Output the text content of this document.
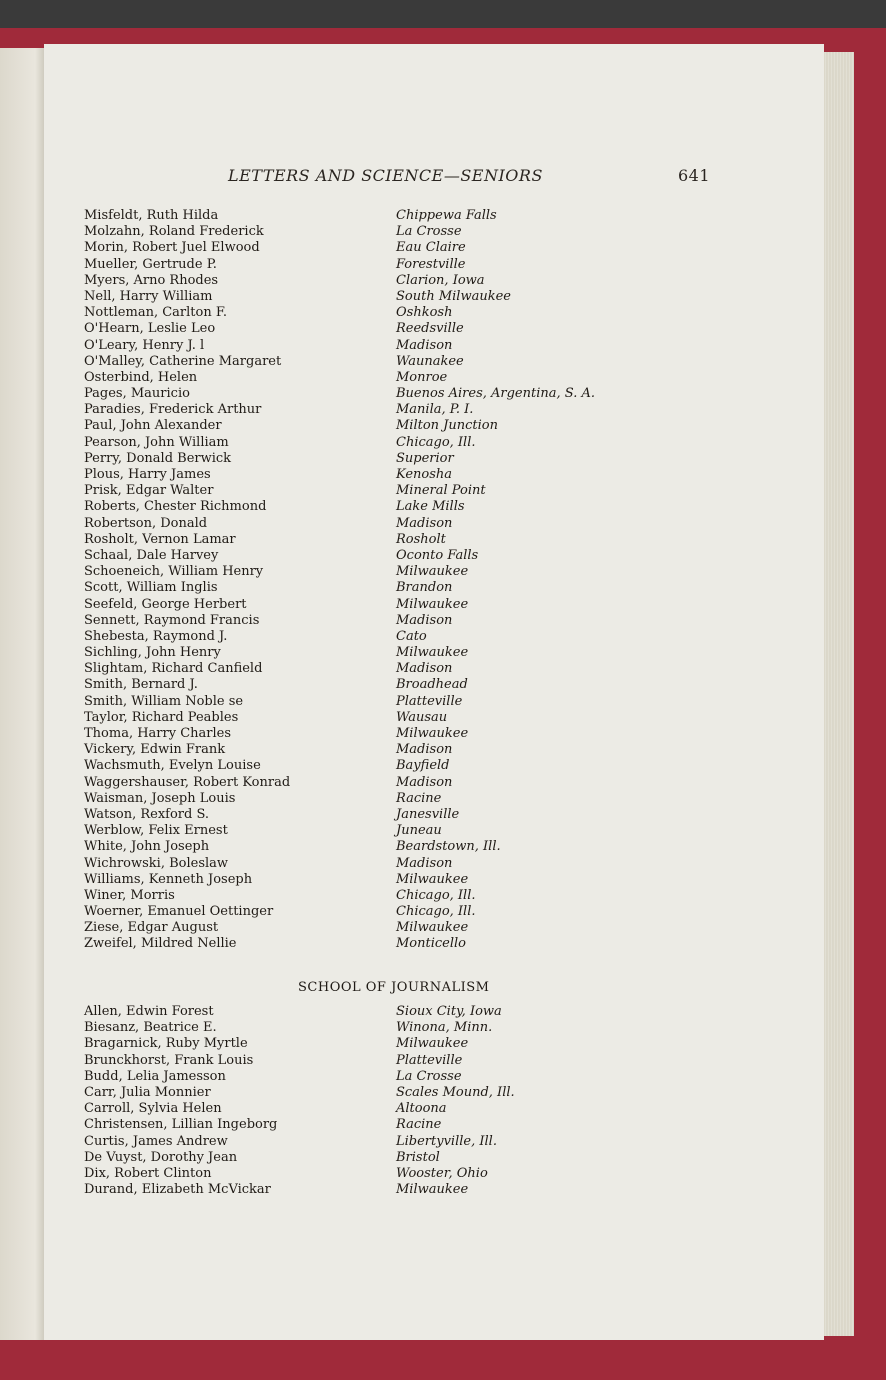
LETTERS AND SCIENCE—SENIORS	641
Misfeldt, Ruth Hilda	Chippewa Falls
Molzahn, Roland Frederick	La Crosse
Morin, Robert Juel Elwood	Eau Claire
Mueller, Gertrude P.	Forestville
Myers, Arno Rhodes	Clarion, Iowa
Nell, Harry William	South Milwaukee
Nottleman, Carlton F.	Oshkosh
O'Hearn, Leslie Leo	Reedsville
O'Leary, Henry J. l	Madison
O'Malley, Catherine Margaret	Waunakee
Osterbind, Helen	Monroe
Pages, Mauricio	Buenos Aires, Argentina, S. A.
Paradies, Frederick Arthur	Manila, P. I.
Paul, John Alexander	Milton Junction
Pearson, John William	Chicago, Ill.
Perry, Donald Berwick	Superior
Plous, Harry James	Kenosha
Prisk, Edgar Walter	Mineral Point
Roberts, Chester Richmond	Lake Mills
Robertson, Donald	Madison
Rosholt, Vernon Lamar	Rosholt
Schaal, Dale Harvey	Oconto Falls
Schoeneich, William Henry	Milwaukee
Scott, William Inglis	Brandon
Seefeld, George Herbert	Milwaukee
Sennett, Raymond Francis	Madison
Shebesta, Raymond J.	Cato
Sichling, John Henry	Milwaukee
Slightam, Richard Canfield	Madison
Smith, Bernard J.	Broadhead
Smith, William Noble se	Platteville
Taylor, Richard Peables	Wausau
Thoma, Harry Charles	Milwaukee
Vickery, Edwin Frank	Madison
Wachsmuth, Evelyn Louise	Bayfield
Waggershauser, Robert Konrad	Madison
Waisman, Joseph Louis	Racine
Watson, Rexford S.	Janesville
Werblow, Felix Ernest	Juneau
White, John Joseph	Beardstown, Ill.
Wichrowski, Boleslaw	Madison
Williams, Kenneth Joseph	Milwaukee
Winer, Morris	Chicago, Ill.
Woerner, Emanuel Oettinger	Chicago, Ill.
Ziese, Edgar August	Milwaukee
Zweifel, Mildred Nellie	Monticello
SCHOOL OF JOURNALISM
Allen, Edwin Forest	Sioux City, Iowa
Biesanz, Beatrice E.	Winona, Minn.
Bragarnick, Ruby Myrtle	Milwaukee
Brunckhorst, Frank Louis	Platteville
Budd, Lelia Jamesson	La Crosse
Carr, Julia Monnier	Scales Mound, Ill.
Carroll, Sylvia Helen	Altoona
Christensen, Lillian Ingeborg	Racine
Curtis, James Andrew	Libertyville, Ill.
De Vuyst, Dorothy Jean	Bristol
Dix, Robert Clinton	Wooster, Ohio
Durand, Elizabeth McVickar	Milwaukee
